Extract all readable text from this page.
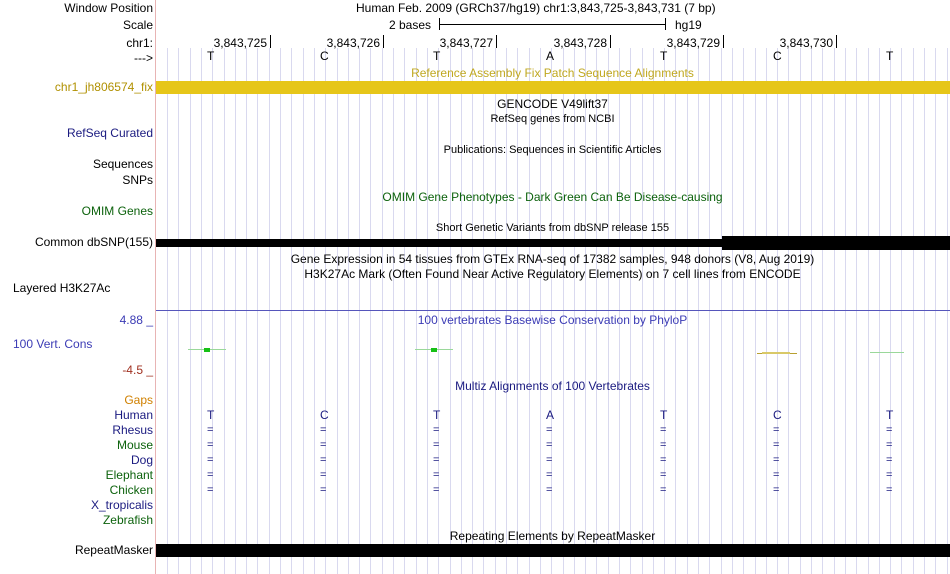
Window Position	Human Feb. 2009 (GRCh37/hg19) chr1:3,843,725-3,843,731 (7 bp)
Scale	2 bases	hg19
chr1:	3,843,725	3,843,726	3,843,727	3,843,728	3,843,729	3,843,730
--->	T	C	T	A	T	C	T
Reference Assembly Fix Patch Sequence Alignments
chr1_jh806574_fix
GENCODE V49lift37
RefSeq genes from NCBI
RefSeq Curated
Publications: Sequences in Scientific Articles
Sequences
SNPs
OMIM Gene Phenotypes - Dark Green Can Be Disease-causing
OMIM Genes
Short Genetic Variants from dbSNP release 155
Common dbSNP(155)
Gene Expression in 54 tissues from GTEx RNA-seq of 17382 samples, 948 donors (V8, Aug 2019)
H3K27Ac Mark (Often Found Near Active Regulatory Elements) on 7 cell lines from ENCODE
Layered H3K27Ac
4.88 _	100 vertebrates Basewise Conservation by PhyloP
100 Vert. Cons
-4.5 _
Multiz Alignments of 100 Vertebrates
Gaps
Human	T	C	T	A	T	C	T
Rhesus	=	=	=	=	=	=	=
Mouse	=	=	=	=	=	=	=
Dog	=	=	=	=	=	=	=
Elephant	=	=	=	=	=	=	=
Chicken	=	=	=	=	=	=	=
X_tropicalis
Zebrafish
Repeating Elements by RepeatMasker
RepeatMasker
